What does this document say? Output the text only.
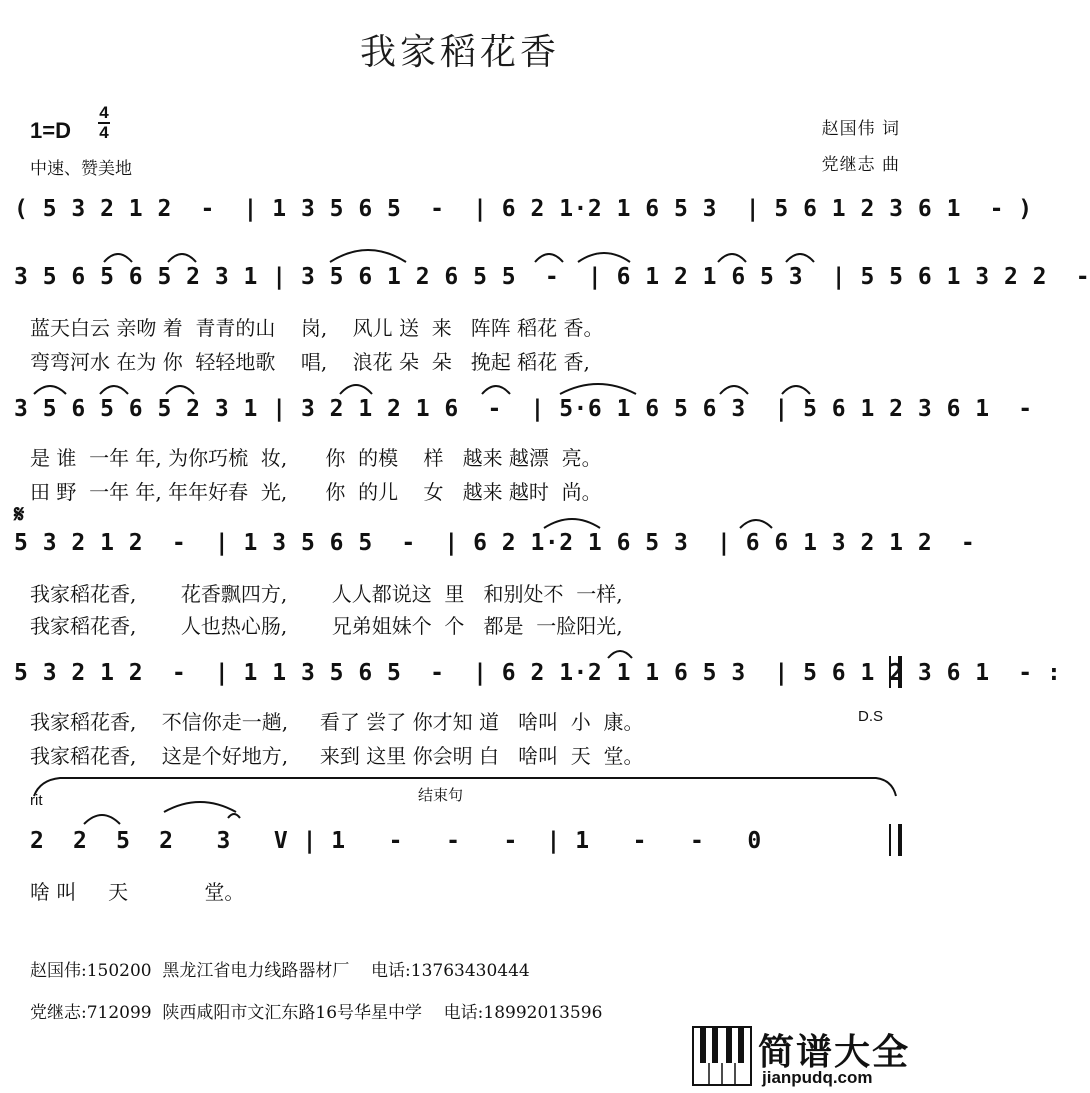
我家稻花香
1=D
4
4
中速、赞美地
赵国伟 词
党继志 曲
( 5 3 2 1 2  -  | 1 3 5 6 5  -  | 6 2 1·2 1 6 5 3  | 5 6 1 2 3 6 1  - )
3 5 6 5 6 5 2 3 1 | 3 5 6 1 2 6 5 5  -  | 6 1 2 1 6 5 3  | 5 5 6 1 3 2 2  -
蓝天白云 亲吻 着  青青的山    岗,    风儿 送  来   阵阵 稻花 香。
弯弯河水 在为 你  轻轻地歌    唱,    浪花 朵  朵   挽起 稻花 香,
3 5 6 5 6 5 2 3 1 | 3 2 1 2 1 6  -  | 5·6 1 6 5 6 3  | 5 6 1 2 3 6 1  -
是 谁  一年 年, 为你巧梳  妆,      你  的模    样   越来 越漂  亮。
田 野  一年 年, 年年好春  光,      你  的儿    女   越来 越时  尚。
𝄋
5 3 2 1 2  -  | 1 3 5 6 5  -  | 6 2 1·2 1 6 5 3  | 6 6 1 3 2 1 2  -
我家稻花香,       花香飘四方,       人人都说这  里   和别处不  一样,
我家稻花香,       人也热心肠,       兄弟姐妹个  个   都是  一脸阳光,
5 3 2 1 2  -  | 1 1 3 5 6 5  -  | 6 2 1·2 1 1 6 5 3  | 5 6 1 2 3 6 1  - :
我家稻花香,    不信你走一趟,     看了 尝了 你才知 道   啥叫  小  康。	D.S
我家稻花香,    这是个好地方,     来到 这里 你会明 白   啥叫  天  堂。
rit	结束句
2  2  5  2   3   V | 1   -   -   -  | 1   -   -   0
啥 叫     天            堂。
赵国伟:150200  黑龙江省电力线路器材厂    电话:13763430444
党继志:712099  陕西咸阳市文汇东路16号华星中学    电话:18992013596
简谱大全
jianpudq.com
